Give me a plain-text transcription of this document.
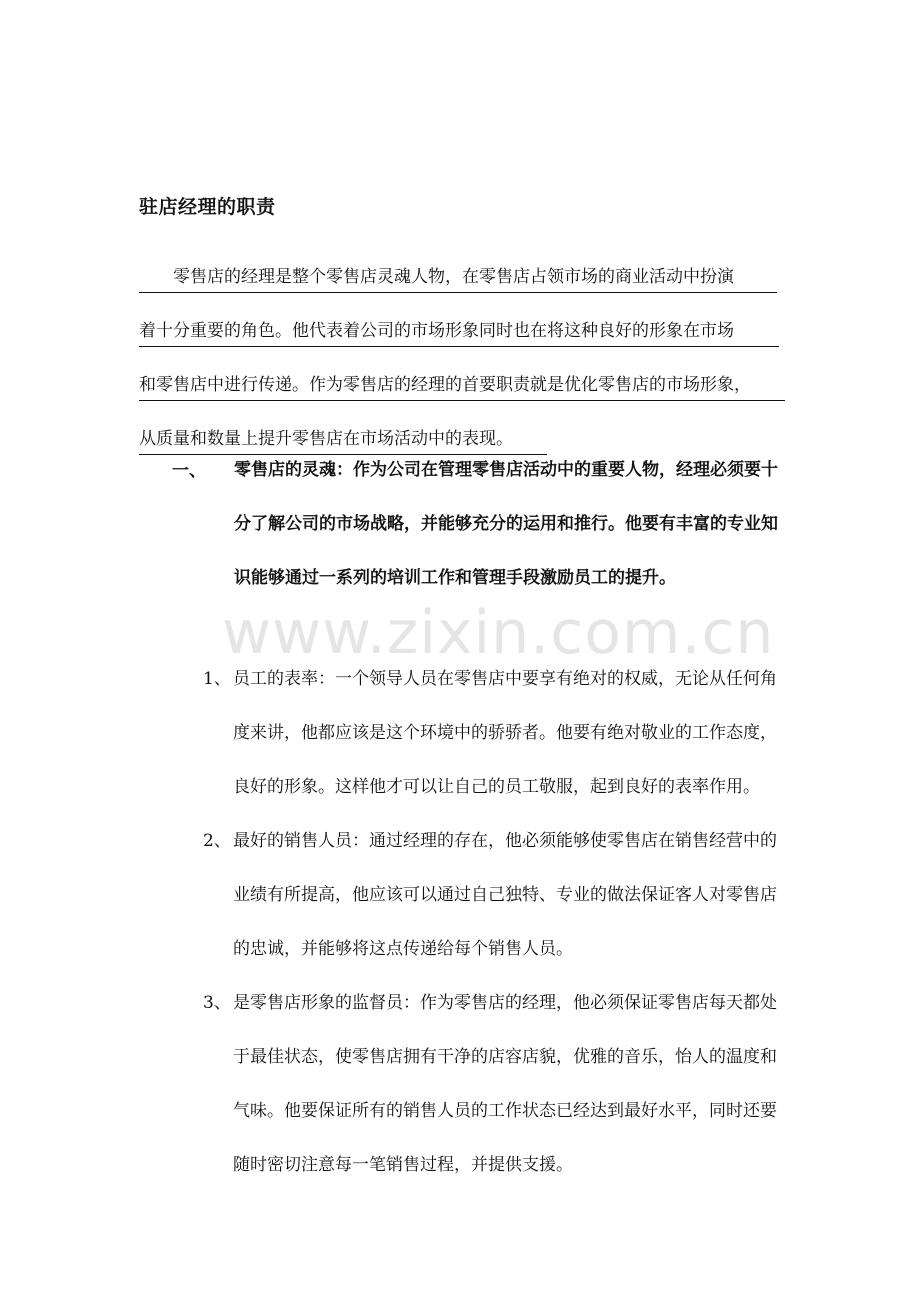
驻店经理的职责
零售店的经理是整个零售店灵魂人物，在零售店占领市场的商业活动中扮演
着十分重要的角色。他代表着公司的市场形象同时也在将这种良好的形象在市场
和零售店中进行传递。作为零售店的经理的首要职责就是优化零售店的市场形象，
从质量和数量上提升零售店在市场活动中的表现。
一、 零售店的灵魂：作为公司在管理零售店活动中的重要人物，经理必须要十分了解公司的市场战略，并能够充分的运用和推行。他要有丰富的专业知识能够通过一系列的培训工作和管理手段激励员工的提升。
www.zixin.com.cn
1、 员工的表率：一个领导人员在零售店中要享有绝对的权威，无论从任何角度来讲，他都应该是这个环境中的骄骄者。他要有绝对敬业的工作态度，良好的形象。这样他才可以让自己的员工敬服，起到良好的表率作用。
2、 最好的销售人员：通过经理的存在，他必须能够使零售店在销售经营中的业绩有所提高，他应该可以通过自己独特、专业的做法保证客人对零售店的忠诚，并能够将这点传递给每个销售人员。
3、 是零售店形象的监督员：作为零售店的经理，他必须保证零售店每天都处于最佳状态，使零售店拥有干净的店容店貌，优雅的音乐，怡人的温度和气味。他要保证所有的销售人员的工作状态已经达到最好水平，同时还要随时密切注意每一笔销售过程，并提供支援。
